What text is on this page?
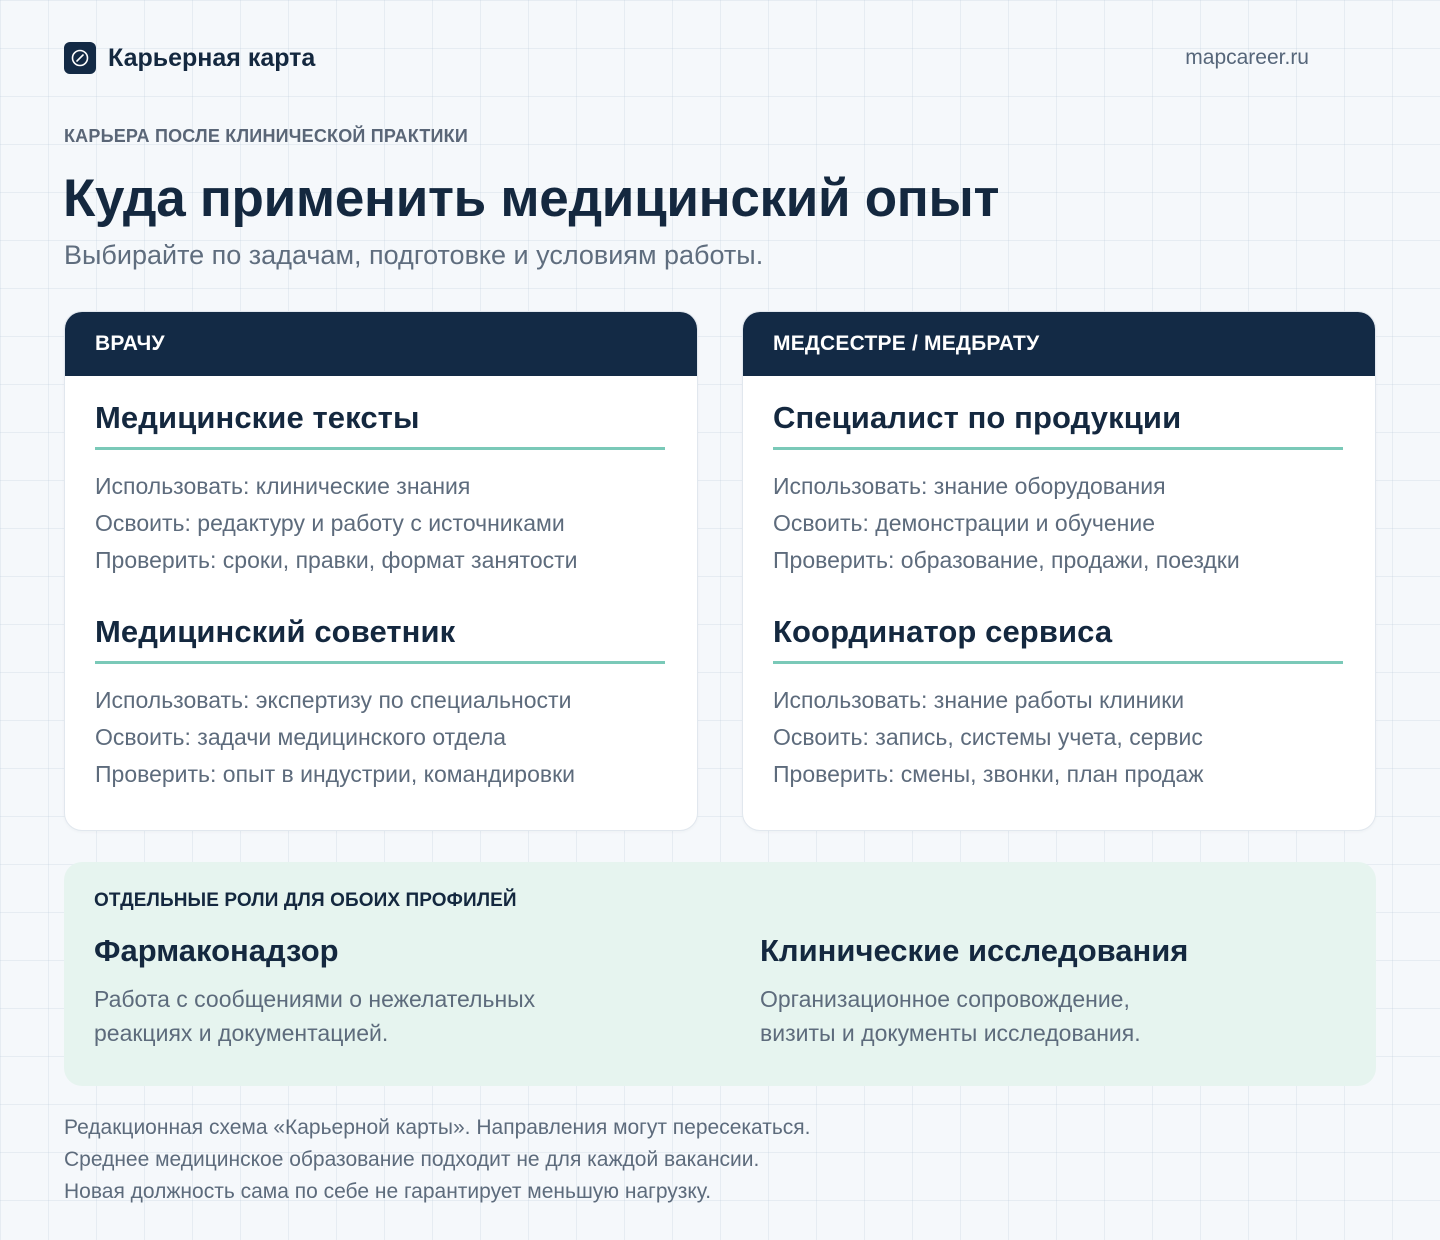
Карьерная карта	mapcareer.ru
КАРЬЕРА ПОСЛЕ КЛИНИЧЕСКОЙ ПРАКТИКИ
Куда применить медицинский опыт
Выбирайте по задачам, подготовке и условиям работы.
ВРАЧУ
Медицинские тексты
Использовать: клинические знания
Освоить: редактуру и работу с источниками
Проверить: сроки, правки, формат занятости
Медицинский советник
Использовать: экспертизу по специальности
Освоить: задачи медицинского отдела
Проверить: опыт в индустрии, командировки
МЕДСЕСТРЕ / МЕДБРАТУ
Специалист по продукции
Использовать: знание оборудования
Освоить: демонстрации и обучение
Проверить: образование, продажи, поездки
Координатор сервиса
Использовать: знание работы клиники
Освоить: запись, системы учета, сервис
Проверить: смены, звонки, план продаж
ОТДЕЛЬНЫЕ РОЛИ ДЛЯ ОБОИХ ПРОФИЛЕЙ
Фармаконадзор
Работа с сообщениями о нежелательных
реакциях и документацией.
Клинические исследования
Организационное сопровождение,
визиты и документы исследования.
Редакционная схема «Карьерной карты». Направления могут пересекаться.
Среднее медицинское образование подходит не для каждой вакансии.
Новая должность сама по себе не гарантирует меньшую нагрузку.
